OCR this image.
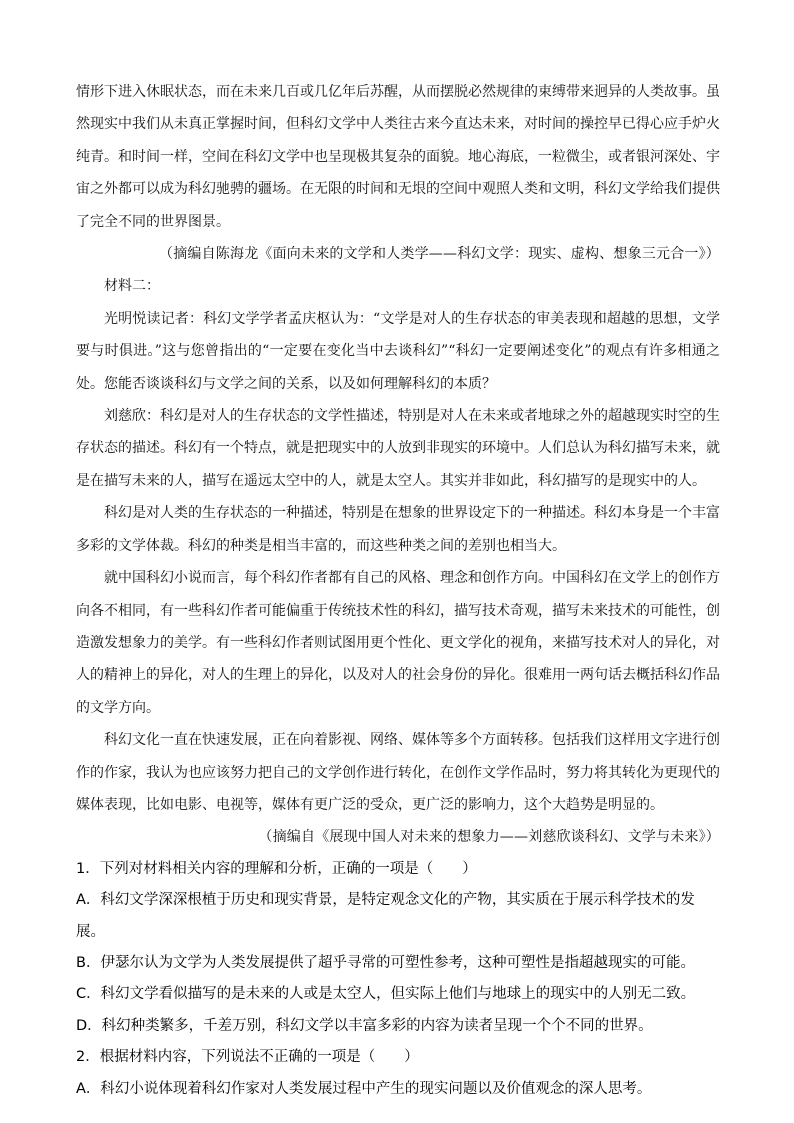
情形下进入休眠状态，而在未来几百或几亿年后苏醒，从而摆脱必然规律的束缚带来迥异的人类故事。虽然现实中我们从未真正掌握时间，但科幻文学中人类往古来今直达未来，对时间的操控早已得心应手炉火纯青。和时间一样，空间在科幻文学中也呈现极其复杂的面貌。地心海底，一粒微尘，或者银河深处、宇宙之外都可以成为科幻驰骋的疆场。在无限的时间和无垠的空间中观照人类和文明，科幻文学给我们提供了完全不同的世界图景。

（摘编自陈海龙《面向未来的文学和人类学——科幻文学：现实、虚构、想象三元合一》）

材料二：

光明悦读记者：科幻文学学者孟庆枢认为：“文学是对人的生存状态的审美表现和超越的思想，文学要与时俱进。”这与您曾指出的“一定要在变化当中去谈科幻”“科幻一定要阐述变化”的观点有许多相通之处。您能否谈谈科幻与文学之间的关系，以及如何理解科幻的本质？

刘慈欣：科幻是对人的生存状态的文学性描述，特别是对人在未来或者地球之外的超越现实时空的生存状态的描述。科幻有一个特点，就是把现实中的人放到非现实的环境中。人们总认为科幻描写未来，就是在描写未来的人，描写在遥远太空中的人，就是太空人。其实并非如此，科幻描写的是现实中的人。

科幻是对人类的生存状态的一种描述，特别是在想象的世界设定下的一种描述。科幻本身是一个丰富多彩的文学体裁。科幻的种类是相当丰富的，而这些种类之间的差别也相当大。

就中国科幻小说而言，每个科幻作者都有自己的风格、理念和创作方向。中国科幻在文学上的创作方向各不相同，有一些科幻作者可能偏重于传统技术性的科幻，描写技术奇观，描写未来技术的可能性，创造激发想象力的美学。有一些科幻作者则试图用更个性化、更文学化的视角，来描写技术对人的异化，对人的精神上的异化，对人的生理上的异化，以及对人的社会身份的异化。很难用一两句话去概括科幻作品的文学方向。

科幻文化一直在快速发展，正在向着影视、网络、媒体等多个方面转移。包括我们这样用文字进行创作的作家，我认为也应该努力把自己的文学创作进行转化，在创作文学作品时，努力将其转化为更现代的媒体表现，比如电影、电视等，媒体有更广泛的受众，更广泛的影响力，这个大趋势是明显的。

（摘编自《展现中国人对未来的想象力——刘慈欣谈科幻、文学与未来》）

1．下列对材料相关内容的理解和分析，正确的一项是（　　）

A．科幻文学深深根植于历史和现实背景，是特定观念文化的产物，其实质在于展示科学技术的发展。

B．伊瑟尔认为文学为人类发展提供了超乎寻常的可塑性参考，这种可塑性是指超越现实的可能。

C．科幻文学看似描写的是未来的人或是太空人，但实际上他们与地球上的现实中的人别无二致。

D．科幻种类繁多，千差万别，科幻文学以丰富多彩的内容为读者呈现一个个不同的世界。

2．根据材料内容，下列说法不正确的一项是（　　）

A．科幻小说体现着科幻作家对人类发展过程中产生的现实问题以及价值观念的深人思考。
